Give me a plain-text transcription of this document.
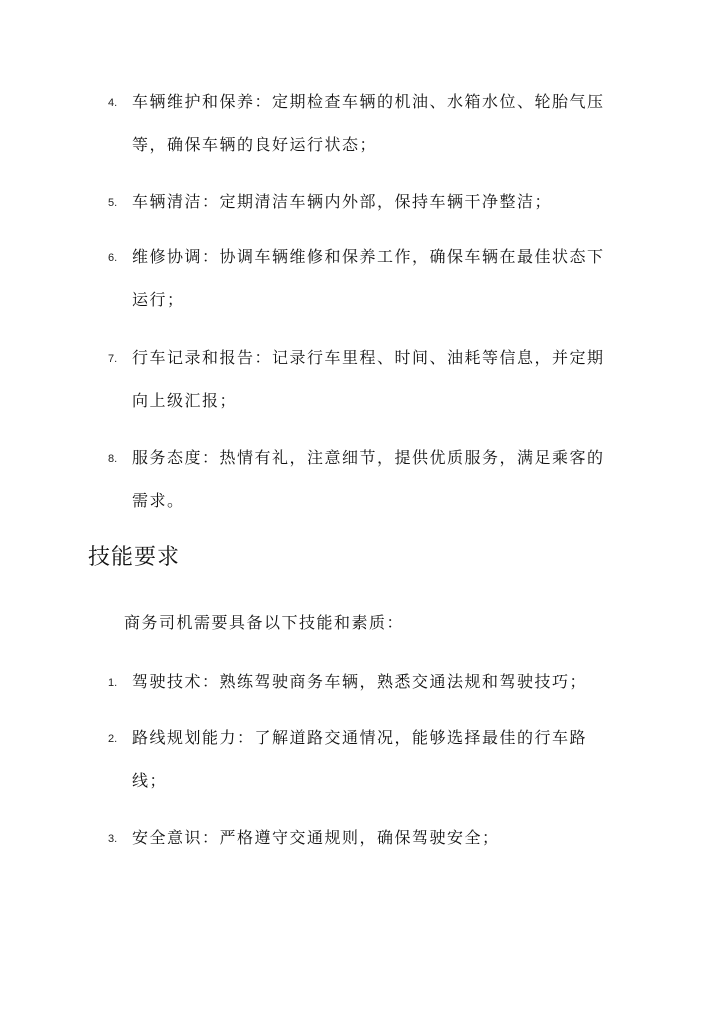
4. 车辆维护和保养：定期检查车辆的机油、水箱水位、轮胎气压等，确保车辆的良好运行状态；
5. 车辆清洁：定期清洁车辆内外部，保持车辆干净整洁；
6. 维修协调：协调车辆维修和保养工作，确保车辆在最佳状态下运行；
7. 行车记录和报告：记录行车里程、时间、油耗等信息，并定期向上级汇报；
8. 服务态度：热情有礼，注意细节，提供优质服务，满足乘客的需求。
技能要求
商务司机需要具备以下技能和素质：
1. 驾驶技术：熟练驾驶商务车辆，熟悉交通法规和驾驶技巧；
2. 路线规划能力：了解道路交通情况，能够选择最佳的行车路线；
3. 安全意识：严格遵守交通规则，确保驾驶安全；
